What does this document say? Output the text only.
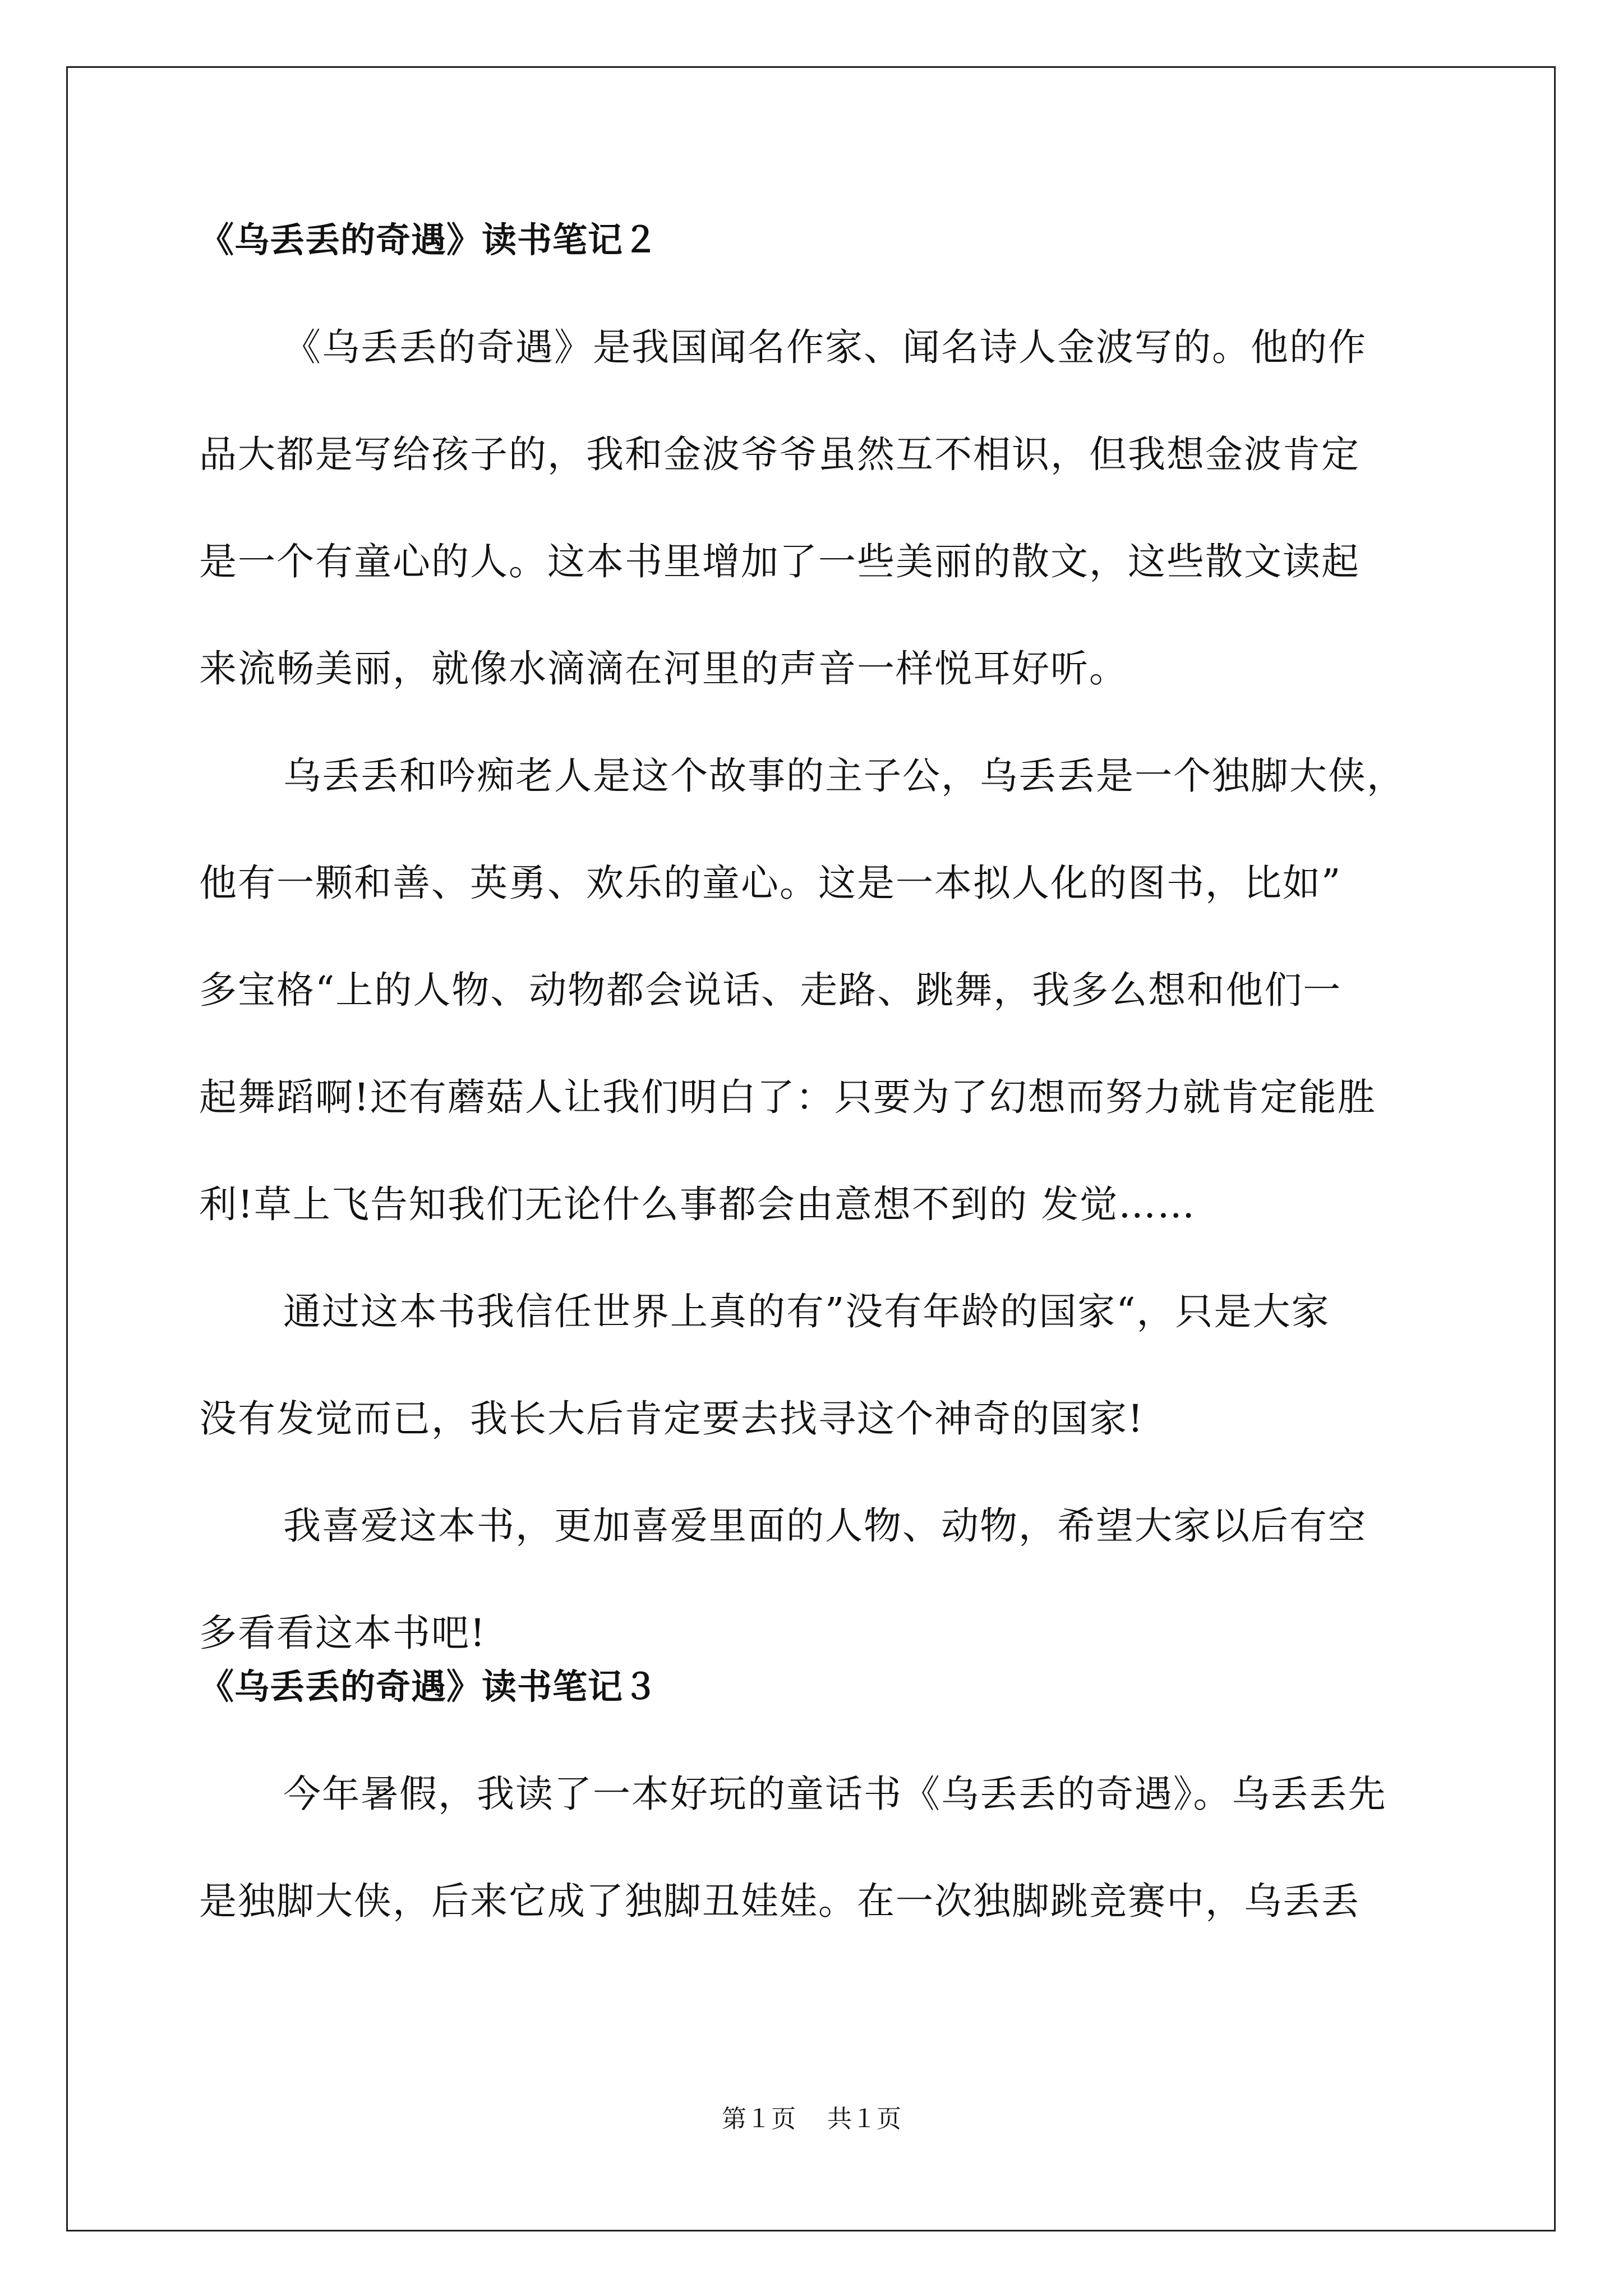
《乌丢丢的奇遇》读书笔记２
《乌丢丢的奇遇》是我国闻名作家、闻名诗人金波写的。他的作
品大都是写给孩子的，我和金波爷爷虽然互不相识，但我想金波肯定
是一个有童心的人。这本书里增加了一些美丽的散文，这些散文读起
来流畅美丽，就像水滴滴在河里的声音一样悦耳好听。
乌丢丢和吟痴老人是这个故事的主子公，乌丢丢是一个独脚大侠，
他有一颗和善、英勇、欢乐的童心。这是一本拟人化的图书，比如”
多宝格“上的人物、动物都会说话、走路、跳舞，我多么想和他们一
起舞蹈啊!还有蘑菇人让我们明白了：只要为了幻想而努力就肯定能胜
利!草上飞告知我们无论什么事都会由意想不到的 发觉……
通过这本书我信任世界上真的有”没有年龄的国家“，只是大家
没有发觉而已，我长大后肯定要去找寻这个神奇的国家!
我喜爱这本书，更加喜爱里面的人物、动物，希望大家以后有空
多看看这本书吧!
《乌丢丢的奇遇》读书笔记３
今年暑假，我读了一本好玩的童话书《乌丢丢的奇遇》。乌丢丢先
是独脚大侠，后来它成了独脚丑娃娃。在一次独脚跳竞赛中，乌丢丢
第１页    共１页
